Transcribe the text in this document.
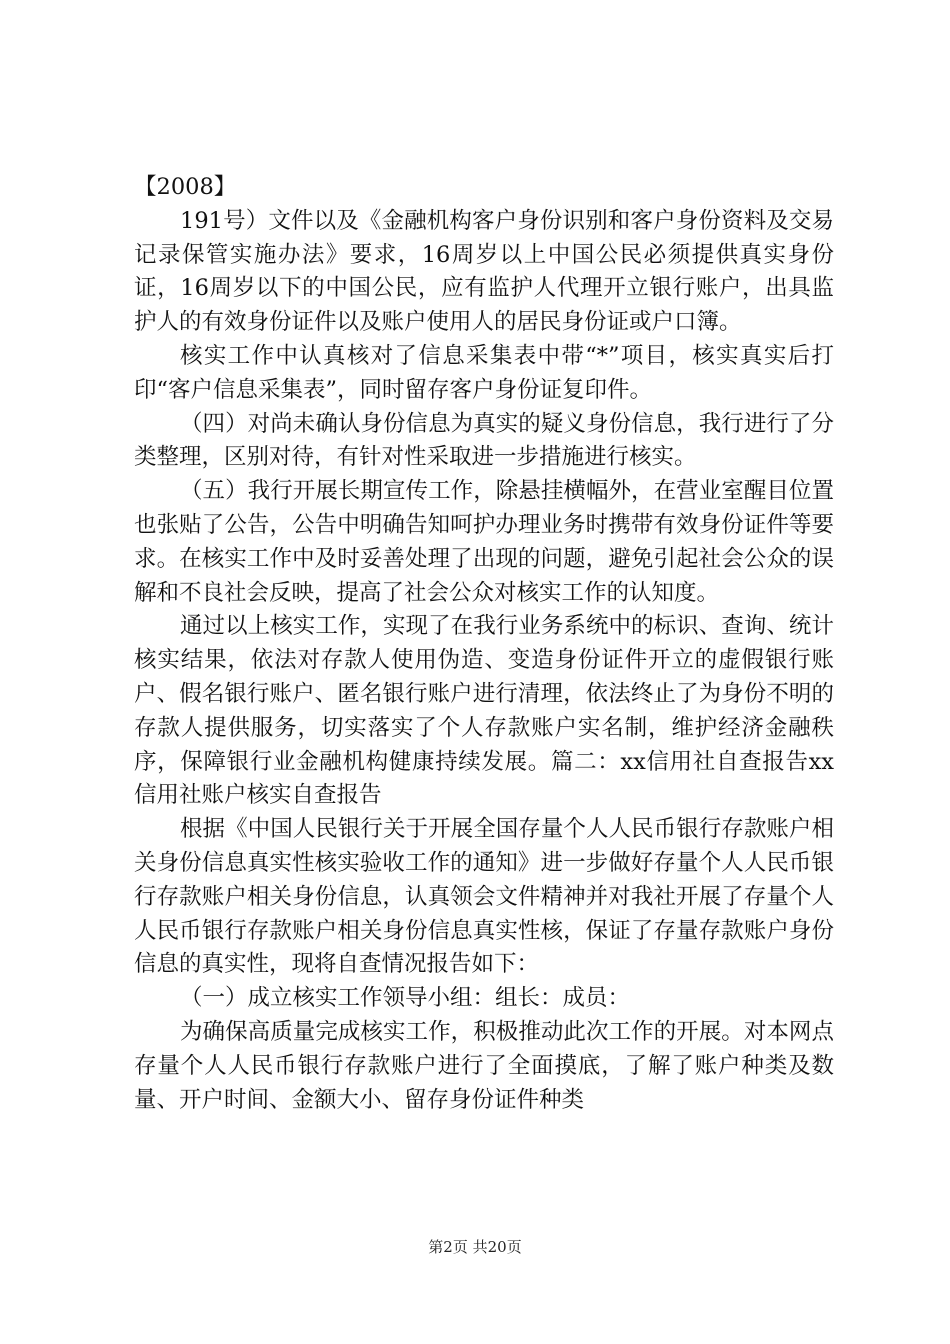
【2008】

191号）文件以及《金融机构客户身份识别和客户身份资料及交易记录保管实施办法》要求，16周岁以上中国公民必须提供真实身份证，16周岁以下的中国公民，应有监护人代理开立银行账户，出具监护人的有效身份证件以及账户使用人的居民身份证或户口簿。

核实工作中认真核对了信息采集表中带“*”项目，核实真实后打印“客户信息采集表”，同时留存客户身份证复印件。

（四）对尚未确认身份信息为真实的疑义身份信息，我行进行了分类整理，区别对待，有针对性采取进一步措施进行核实。

（五）我行开展长期宣传工作，除悬挂横幅外，在营业室醒目位置也张贴了公告，公告中明确告知呵护办理业务时携带有效身份证件等要求。在核实工作中及时妥善处理了出现的问题，避免引起社会公众的误解和不良社会反映，提高了社会公众对核实工作的认知度。

通过以上核实工作，实现了在我行业务系统中的标识、查询、统计核实结果，依法对存款人使用伪造、变造身份证件开立的虚假银行账户、假名银行账户、匿名银行账户进行清理，依法终止了为身份不明的存款人提供服务，切实落实了个人存款账户实名制，维护经济金融秩序，保障银行业金融机构健康持续发展。篇二：xx信用社自查报告xx信用社账户核实自查报告

根据《中国人民银行关于开展全国存量个人人民币银行存款账户相关身份信息真实性核实验收工作的通知》进一步做好存量个人人民币银行存款账户相关身份信息，认真领会文件精神并对我社开展了存量个人人民币银行存款账户相关身份信息真实性核，保证了存量存款账户身份信息的真实性，现将自查情况报告如下：

（一）成立核实工作领导小组：组长：成员：

为确保高质量完成核实工作，积极推动此次工作的开展。对本网点存量个人人民币银行存款账户进行了全面摸底，了解了账户种类及数量、开户时间、金额大小、留存身份证件种类

第2页 共20页
